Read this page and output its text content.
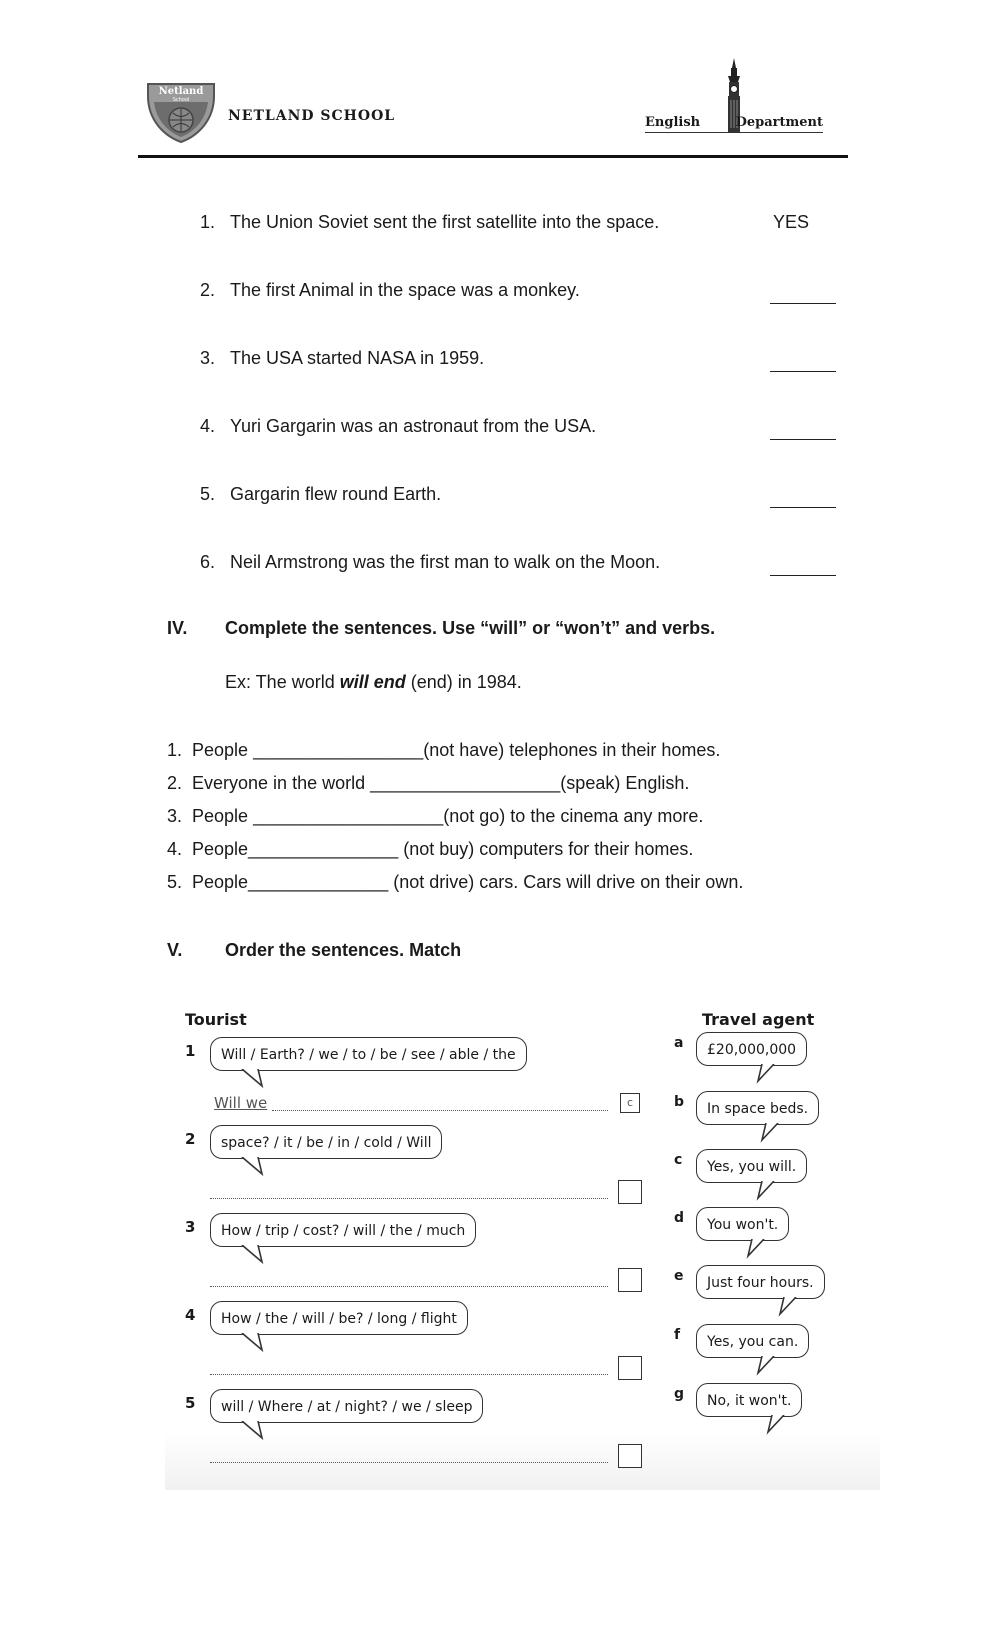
Netland
School
NETLAND SCHOOL	English	Department
1. The Union Soviet sent the first satellite into the space.	YES
2. The first Animal in the space was a monkey.
3. The USA started NASA in 1959.
4. Yuri Gargarin was an astronaut from the USA.
5. Gargarin flew round Earth.
6. Neil Armstrong was the first man to walk on the Moon.
IV. Complete the sentences. Use “will” or “won’t” and verbs.
Ex: The world will end (end) in 1984.
1.  People _________________(not have) telephones in their homes.
2.  Everyone in the world ___________________(speak) English.
3.  People ___________________(not go) to the cinema any more.
4.  People_______________ (not buy) computers for their homes.
5.  People______________ (not drive) cars. Cars will drive on their own.
V. Order the sentences. Match
Tourist	Travel agent
1	Will / Earth? / we / to / be / see / able / the
Will we	c
2	space? / it / be / in / cold / Will
3	How / trip / cost? / will / the / much
4	How / the / will / be? / long / flight
5	will / Where / at / night? / we / sleep
a	£20,000,000
b	In space beds.
c	Yes, you will.
d	You won't.
e	Just four hours.
f	Yes, you can.
g	No, it won't.
